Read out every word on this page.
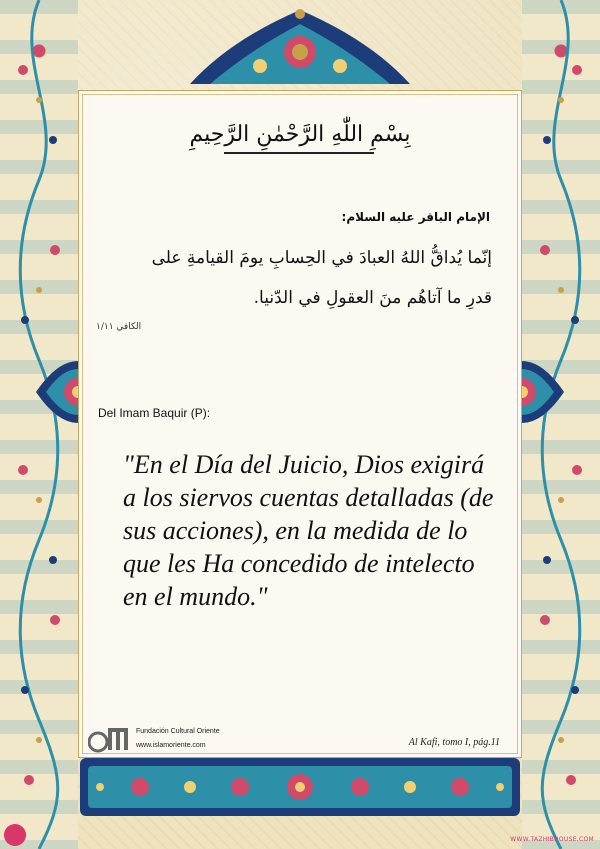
بِسْمِ اللّٰهِ الرَّحْمٰنِ الرَّحِيمِ
الإمام الباقر عليه السلام:
إنّما يُداقُّ اللهُ العبادَ في الحِسابِ يومَ القيامةِ على قدرِ ما آتاهُم منَ العقولِ في الدّنيا.
الكافي ١/١١
Del Imam Baquir (P):
"En el Día del Juicio, Dios exigirá a los siervos cuentas detalladas (de sus acciones), en la medida de lo que les Ha concedido de intelecto en el mundo."
Fundación Cultural Oriente
www.islamoriente.com	Al Kafi, tomo I, pág.11
WWW.TAZHIBHOUSE.COM
